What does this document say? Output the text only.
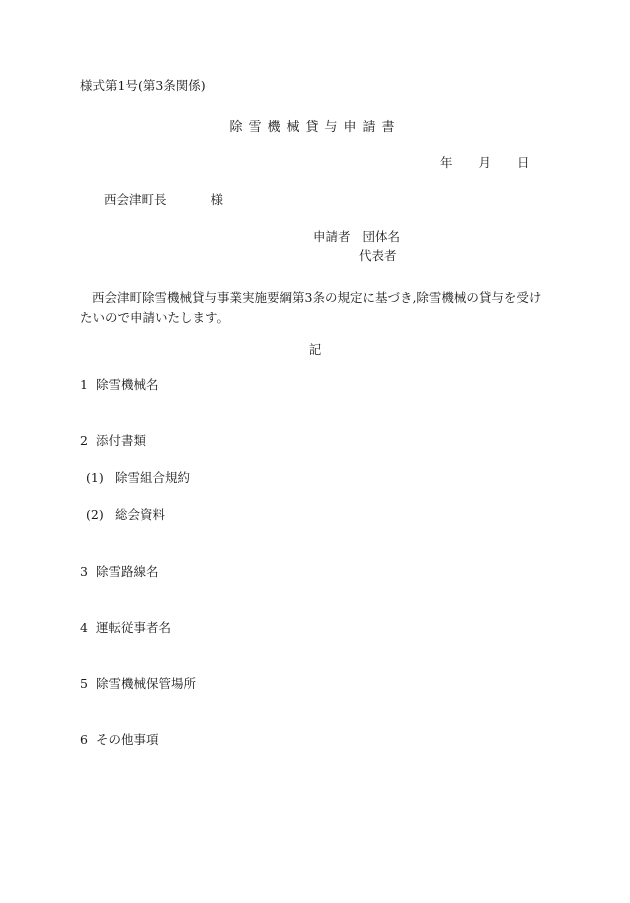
様式第1号(第3条関係)
除雪機械貸与申請書
年 月 日
西会津町長	様
申請者 団体名
代表者
西会津町除雪機械貸与事業実施要綱第3条の規定に基づき,除雪機械の貸与を受けたいので申請いたします。
記
1 除雪機械名
2 添付書類
(1) 除雪組合規約
(2) 総会資料
3 除雪路線名
4 運転従事者名
5 除雪機械保管場所
6 その他事項
